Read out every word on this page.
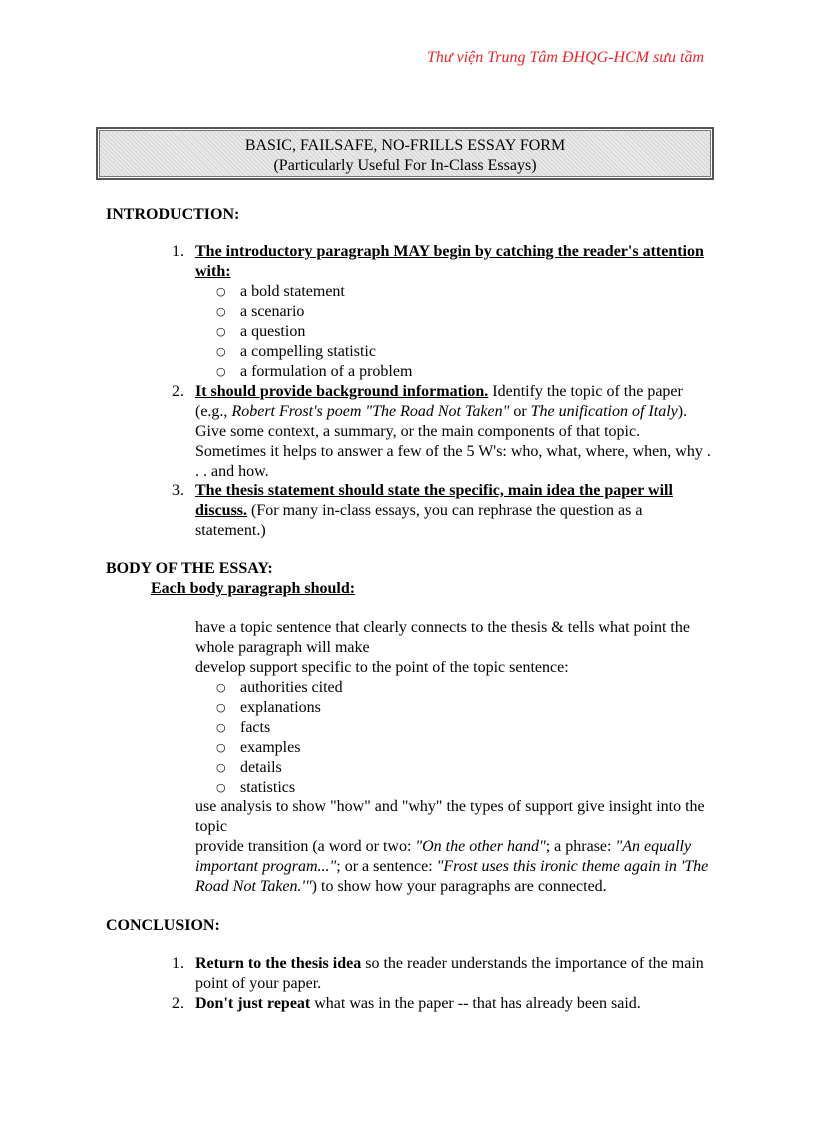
Thư viện Trung Tâm ĐHQG-HCM sưu tầm
BASIC, FAILSAFE, NO-FRILLS ESSAY FORM
(Particularly Useful For In-Class Essays)
INTRODUCTION:
1. The introductory paragraph MAY begin by catching the reader's attention with:
○ a bold statement
○ a scenario
○ a question
○ a compelling statistic
○ a formulation of a problem
2. It should provide background information. Identify the topic of the paper (e.g., Robert Frost's poem "The Road Not Taken" or The unification of Italy). Give some context, a summary, or the main components of that topic. Sometimes it helps to answer a few of the 5 W's: who, what, where, when, why . . . and how.
3. The thesis statement should state the specific, main idea the paper will discuss. (For many in-class essays, you can rephrase the question as a statement.)
BODY OF THE ESSAY:
Each body paragraph should:
have a topic sentence that clearly connects to the thesis & tells what point the whole paragraph will make
develop support specific to the point of the topic sentence:
○ authorities cited
○ explanations
○ facts
○ examples
○ details
○ statistics
use analysis to show "how" and "why" the types of support give insight into the topic
provide transition (a word or two: "On the other hand"; a phrase: "An equally important program..."; or a sentence: "Frost uses this ironic theme again in 'The Road Not Taken.'") to show how your paragraphs are connected.
CONCLUSION:
1. Return to the thesis idea so the reader understands the importance of the main point of your paper.
2. Don't just repeat what was in the paper -- that has already been said.
